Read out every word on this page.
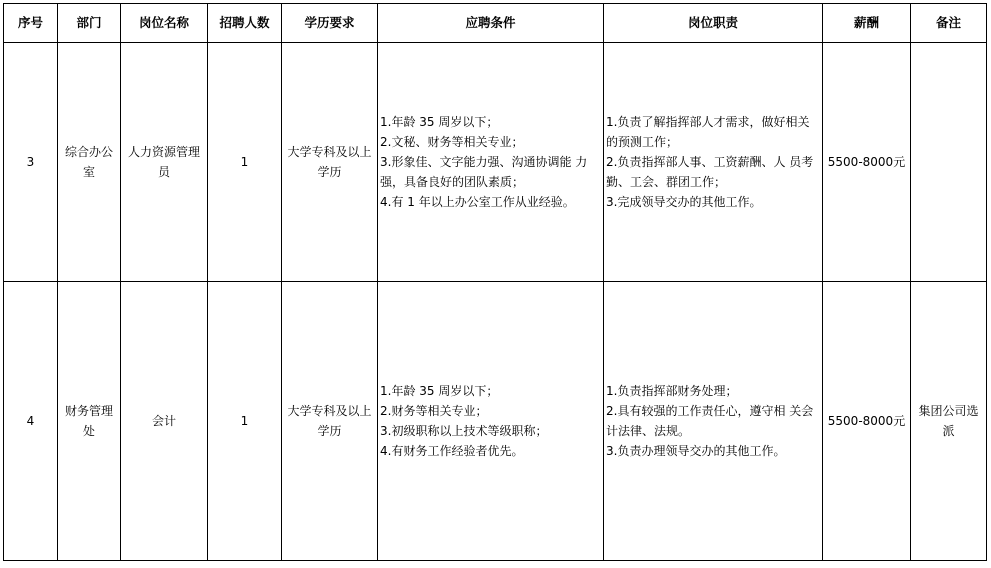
序号	部门	岗位名称	招聘人数	学历要求	应聘条件	岗位职责	薪酬	备注
3	综合办公室	人力资源管理员	1	大学专科及以上学历	1.年龄 35 周岁以下；
2.文秘、财务等相关专业；
3.形象佳、文字能力强、沟通协调能 力强，具备良好的团队素质；
4.有 1 年以上办公室工作从业经验。	1.负责了解指挥部人才需求，做好相关的预测工作；
2.负责指挥部人事、工资薪酬、人 员考勤、工会、群团工作；
3.完成领导交办的其他工作。	5500-8000元	
4	财务管理处	会计	1	大学专科及以上学历	1.年龄 35 周岁以下；
2.财务等相关专业；
3.初级职称以上技术等级职称；
4.有财务工作经验者优先。	1.负责指挥部财务处理；
2.具有较强的工作责任心，遵守相 关会计法律、法规。
3.负责办理领导交办的其他工作。	5500-8000元	集团公司选派
